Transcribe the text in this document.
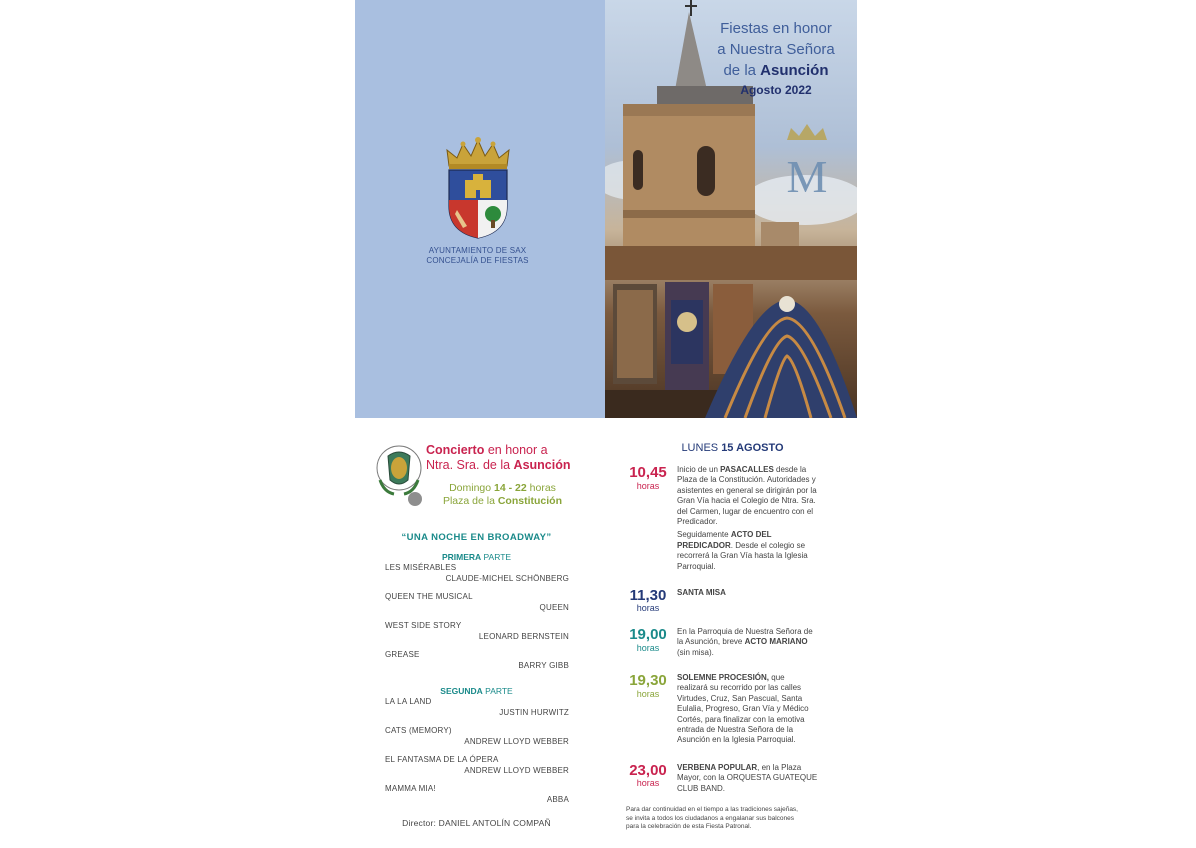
AYUNTAMIENTO DE SAX
CONCEJALÍA DE FIESTAS
M
Fiestas en honor
a Nuestra Señora
de la Asunción
Agosto 2022
Concierto en honor a
Ntra. Sra. de la Asunción
Domingo 14 - 22 horas
Plaza de la Constitución
“UNA NOCHE EN BROADWAY”
PRIMERA PARTE
LES MISÉRABLES
CLAUDE-MICHEL SCHÖNBERG
QUEEN THE MUSICAL
QUEEN
WEST SIDE STORY
LEONARD BERNSTEIN
GREASE
BARRY GIBB
SEGUNDA PARTE
LA LA LAND
JUSTIN HURWITZ
CATS (MEMORY)
ANDREW LLOYD WEBBER
EL FANTASMA DE LA ÓPERA
ANDREW LLOYD WEBBER
MAMMA MIA!
ABBA
Director: DANIEL ANTOLÍN COMPAÑ
LUNES 15 AGOSTO
10,45
horas
Inicio de un PASACALLES desde la
Plaza de la Constitución. Autoridades y
asistentes en general se dirigirán por la
Gran Vía hacia el Colegio de Ntra. Sra.
del Carmen, lugar de encuentro con el
Predicador.
Seguidamente ACTO DEL
PREDICADOR. Desde el colegio se
recorrerá la Gran Vía hasta la Iglesia
Parroquial.
11,30
horas
SANTA MISA
19,00
horas
En la Parroquia de Nuestra Señora de
la Asunción, breve ACTO MARIANO
(sin misa).
19,30
horas
SOLEMNE PROCESIÓN, que
realizará su recorrido por las calles
Virtudes, Cruz, San Pascual, Santa
Eulalia, Progreso, Gran Vía y Médico
Cortés, para finalizar con la emotiva
entrada de Nuestra Señora de la
Asunción en la Iglesia Parroquial.
23,00
horas
VERBENA POPULAR, en la Plaza
Mayor, con la ORQUESTA GUATEQUE
CLUB BAND.
Para dar continuidad en el tiempo a las tradiciones sajeñas,
se invita a todos los ciudadanos a engalanar sus balcones
para la celebración de esta Fiesta Patronal.
